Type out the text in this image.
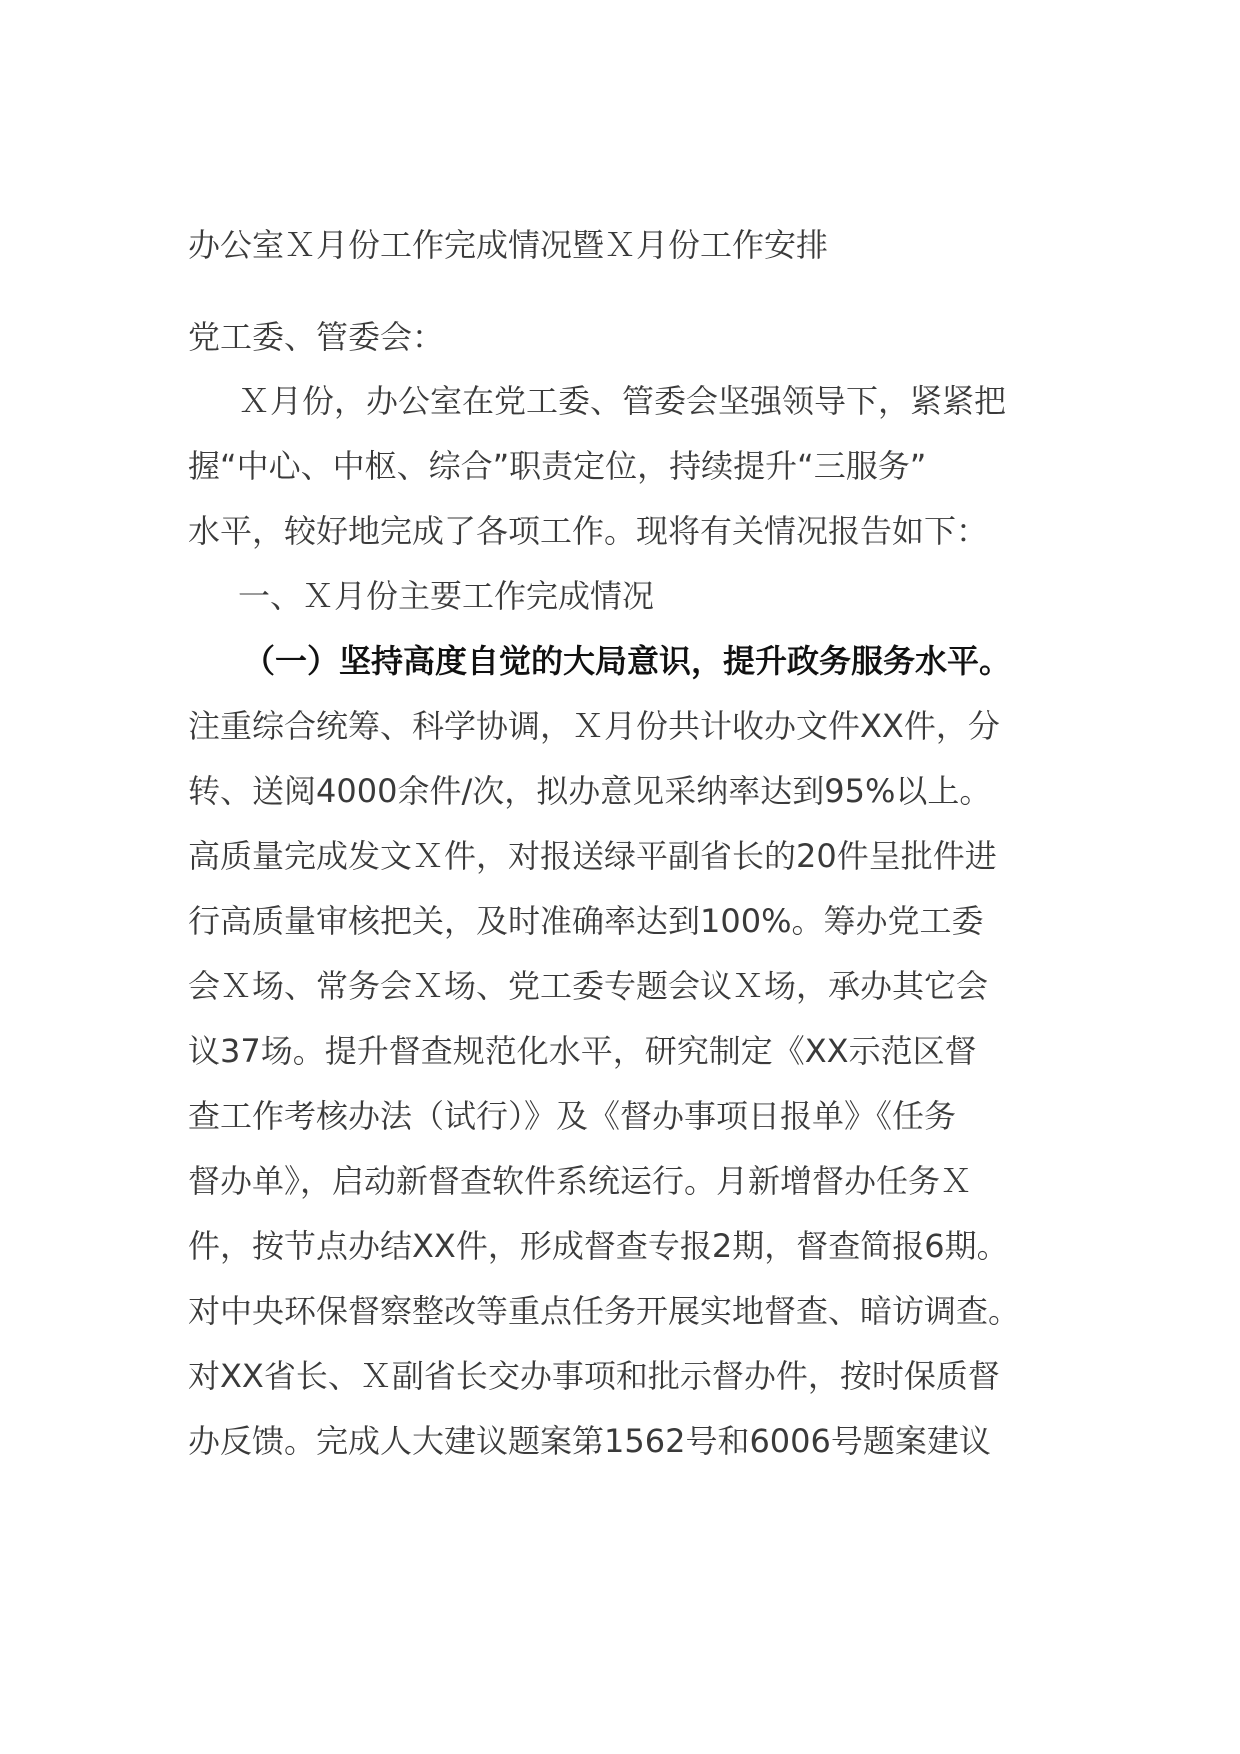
办公室Ｘ月份工作完成情况暨Ｘ月份工作安排

党工委、管委会：

Ｘ月份，办公室在党工委、管委会坚强领导下，紧紧把

握“中心、中枢、综合”职责定位，持续提升“三服务”

水平，较好地完成了各项工作。现将有关情况报告如下：

一、Ｘ月份主要工作完成情况

（一）坚持高度自觉的大局意识，提升政务服务水平。

注重综合统筹、科学协调，Ｘ月份共计收办文件XX件，分

转、送阅4000余件/次，拟办意见采纳率达到95%以上。

高质量完成发文Ｘ件，对报送绿平副省长的20件呈批件进

行高质量审核把关，及时准确率达到100%。筹办党工委

会Ｘ场、常务会Ｘ场、党工委专题会议Ｘ场，承办其它会

议37场。提升督查规范化水平，研究制定《XX示范区督

查工作考核办法（试行）》及《督办事项日报单》《任务

督办单》，启动新督查软件系统运行。月新增督办任务Ｘ

件，按节点办结XX件，形成督查专报2期，督查简报6期。

对中央环保督察整改等重点任务开展实地督查、暗访调查。

对XX省长、Ｘ副省长交办事项和批示督办件，按时保质督

办反馈。完成人大建议题案第1562号和6006号题案建议
